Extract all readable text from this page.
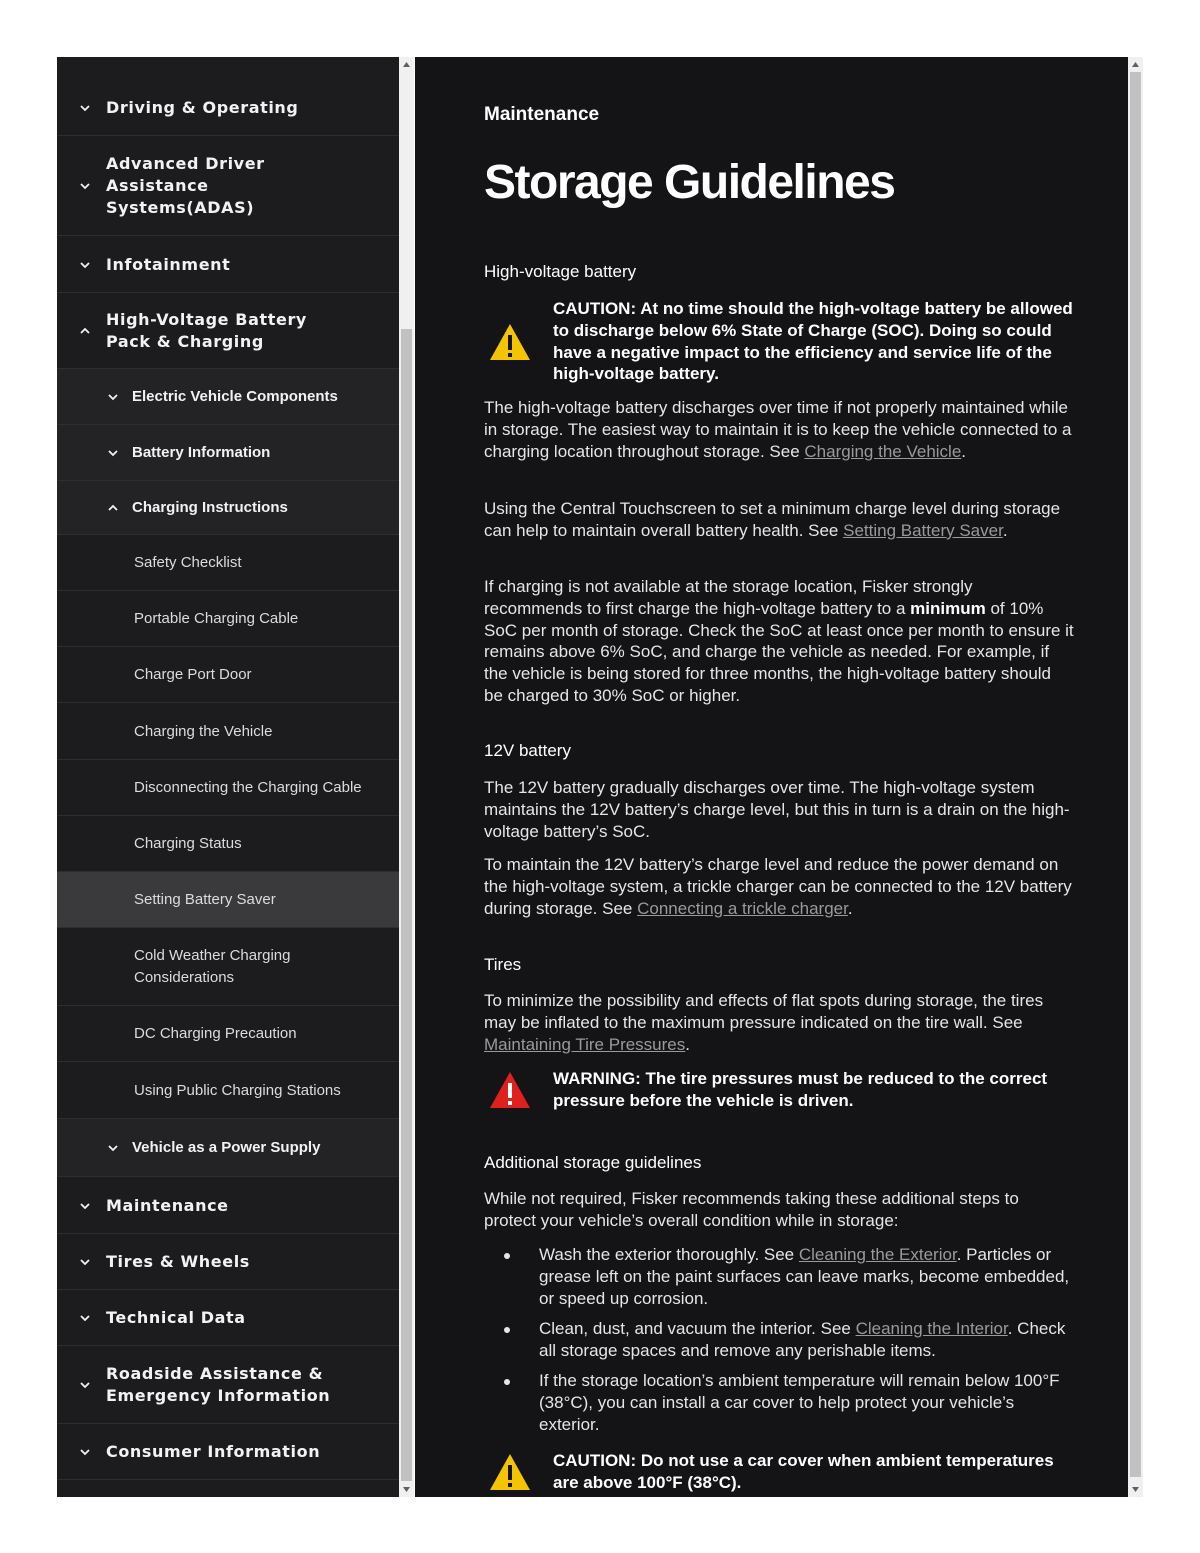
Driving & Operating
Advanced Driver Assistance Systems(ADAS)
Infotainment
High-Voltage Battery Pack & Charging
Electric Vehicle Components
Battery Information
Charging Instructions
Safety Checklist
Portable Charging Cable
Charge Port Door
Charging the Vehicle
Disconnecting the Charging Cable
Charging Status
Setting Battery Saver
Cold Weather Charging Considerations
DC Charging Precaution
Using Public Charging Stations
Vehicle as a Power Supply
Maintenance
Tires & Wheels
Technical Data
Roadside Assistance & Emergency Information
Consumer Information
Maintenance
Storage Guidelines
High-voltage battery
CAUTION: At no time should the high-voltage battery be allowed to discharge below 6% State of Charge (SOC). Doing so could have a negative impact to the efficiency and service life of the high-voltage battery.
The high-voltage battery discharges over time if not properly maintained while in storage. The easiest way to maintain it is to keep the vehicle connected to a charging location throughout storage. See Charging the Vehicle.
Using the Central Touchscreen to set a minimum charge level during storage can help to maintain overall battery health. See Setting Battery Saver.
If charging is not available at the storage location, Fisker strongly recommends to first charge the high-voltage battery to a minimum of 10% SoC per month of storage. Check the SoC at least once per month to ensure it remains above 6% SoC, and charge the vehicle as needed. For example, if the vehicle is being stored for three months, the high-voltage battery should be charged to 30% SoC or higher.
12V battery
The 12V battery gradually discharges over time. The high-voltage system maintains the 12V battery’s charge level, but this in turn is a drain on the high-voltage battery’s SoC.
To maintain the 12V battery’s charge level and reduce the power demand on the high-voltage system, a trickle charger can be connected to the 12V battery during storage. See Connecting a trickle charger.
Tires
To minimize the possibility and effects of flat spots during storage, the tires may be inflated to the maximum pressure indicated on the tire wall. See Maintaining Tire Pressures.
WARNING: The tire pressures must be reduced to the correct pressure before the vehicle is driven.
Additional storage guidelines
While not required, Fisker recommends taking these additional steps to protect your vehicle’s overall condition while in storage:
Wash the exterior thoroughly. See Cleaning the Exterior. Particles or grease left on the paint surfaces can leave marks, become embedded, or speed up corrosion.
Clean, dust, and vacuum the interior. See Cleaning the Interior. Check all storage spaces and remove any perishable items.
If the storage location’s ambient temperature will remain below 100°F (38°C), you can install a car cover to help protect your vehicle’s exterior.
CAUTION: Do not use a car cover when ambient temperatures are above 100°F (38°C).
